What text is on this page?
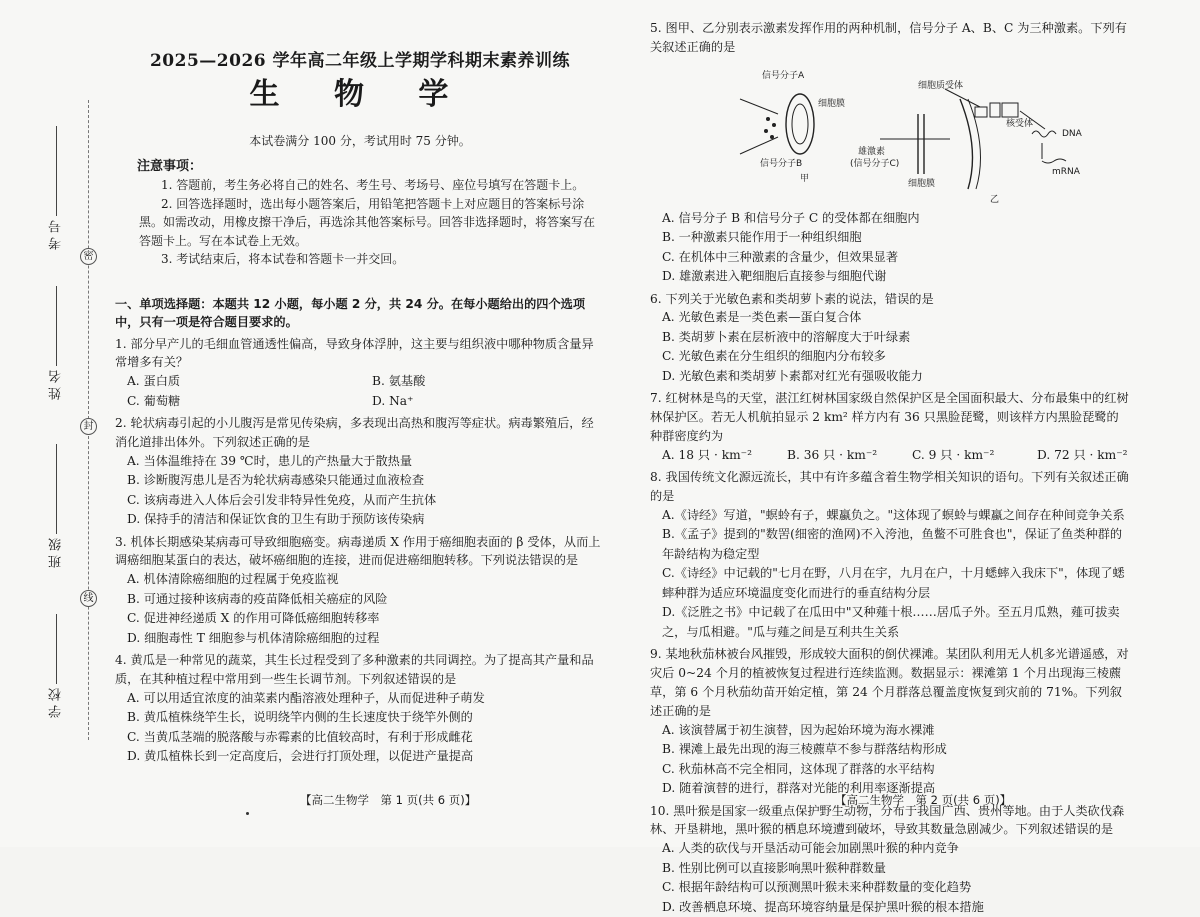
密
封
线
考号
姓名
班级
学校
2025—2026 学年高二年级上学期学科期末素养训练
生 物 学
本试卷满分 100 分，考试用时 75 分钟。
注意事项：
1. 答题前，考生务必将自己的姓名、考生号、考场号、座位号填写在答题卡上。
2. 回答选择题时，选出每小题答案后，用铅笔把答题卡上对应题目的答案标号涂黑。如需改动，用橡皮擦干净后，再选涂其他答案标号。回答非选择题时，将答案写在答题卡上。写在本试卷上无效。
3. 考试结束后，将本试卷和答题卡一并交回。
一、单项选择题：本题共 12 小题，每小题 2 分，共 24 分。在每小题给出的四个选项中，只有一项是符合题目要求的。
1. 部分早产儿的毛细血管通透性偏高，导致身体浮肿，这主要与组织液中哪种物质含量异常增多有关？
A. 蛋白质	B. 氨基酸
C. 葡萄糖	D. Na⁺
2. 轮状病毒引起的小儿腹泻是常见传染病，多表现出高热和腹泻等症状。病毒繁殖后，经消化道排出体外。下列叙述正确的是
A. 当体温维持在 39 ℃时，患儿的产热量大于散热量
B. 诊断腹泻患儿是否为轮状病毒感染只能通过血液检查
C. 该病毒进入人体后会引发非特异性免疫，从而产生抗体
D. 保持手的清洁和保证饮食的卫生有助于预防该传染病
3. 机体长期感染某病毒可导致细胞癌变。病毒递质 X 作用于癌细胞表面的 β 受体，从而上调癌细胞某蛋白的表达，破坏癌细胞的连接，进而促进癌细胞转移。下列说法错误的是
A. 机体清除癌细胞的过程属于免疫监视
B. 可通过接种该病毒的疫苗降低相关癌症的风险
C. 促进神经递质 X 的作用可降低癌细胞转移率
D. 细胞毒性 T 细胞参与机体清除癌细胞的过程
4. 黄瓜是一种常见的蔬菜，其生长过程受到了多种激素的共同调控。为了提高其产量和品质，在其种植过程中常用到一些生长调节剂。下列叙述错误的是
A. 可以用适宜浓度的油菜素内酯溶液处理种子，从而促进种子萌发
B. 黄瓜植株绕竿生长，说明绕竿内侧的生长速度快于绕竿外侧的
C. 当黄瓜茎端的脱落酸与赤霉素的比值较高时，有利于形成雌花
D. 黄瓜植株长到一定高度后，会进行打顶处理，以促进产量提高
5. 图甲、乙分别表示激素发挥作用的两种机制，信号分子 A、B、C 为三种激素。下列有关叙述正确的是
信号分子A
细胞膜
信号分子B
甲
细胞质受体
核受体
DNA
mRNA
雄激素
(信号分子C)
细胞膜
乙
A. 信号分子 B 和信号分子 C 的受体都在细胞内
B. 一种激素只能作用于一种组织细胞
C. 在机体中三种激素的含量少，但效果显著
D. 雄激素进入靶细胞后直接参与细胞代谢
6. 下列关于光敏色素和类胡萝卜素的说法，错误的是
A. 光敏色素是一类色素—蛋白复合体
B. 类胡萝卜素在层析液中的溶解度大于叶绿素
C. 光敏色素在分生组织的细胞内分布较多
D. 光敏色素和类胡萝卜素都对红光有强吸收能力
7. 红树林是鸟的天堂，湛江红树林国家级自然保护区是全国面积最大、分布最集中的红树林保护区。若无人机航拍显示 2 km² 样方内有 36 只黑脸琵鹭，则该样方内黑脸琵鹭的种群密度约为
A. 18 只 · km⁻²	B. 36 只 · km⁻²	C. 9 只 · km⁻²	D. 72 只 · km⁻²
8. 我国传统文化源远流长，其中有许多蕴含着生物学相关知识的语句。下列有关叙述正确的是
A.《诗经》写道，"螟蛉有子，蜾蠃负之。"这体现了螟蛉与蜾蠃之间存在种间竞争关系
B.《孟子》提到的"数罟(细密的渔网)不入洿池，鱼鳖不可胜食也"，保证了鱼类种群的年龄结构为稳定型
C.《诗经》中记载的"七月在野，八月在宇，九月在户，十月蟋蟀入我床下"，体现了蟋蟀种群为适应环境温度变化而进行的垂直结构分层
D.《泛胜之书》中记载了在瓜田中"又种薤十根……居瓜子外。至五月瓜熟，薤可拔卖之，与瓜相避。"瓜与薤之间是互利共生关系
9. 某地秋茄林被台风摧毁，形成较大面积的倒伏裸滩。某团队利用无人机多光谱遥感，对灾后 0~24 个月的植被恢复过程进行连续监测。数据显示：裸滩第 1 个月出现海三棱藨草，第 6 个月秋茄幼苗开始定植，第 24 个月群落总覆盖度恢复到灾前的 71%。下列叙述正确的是
A. 该演替属于初生演替，因为起始环境为海水裸滩
B. 裸滩上最先出现的海三棱藨草不参与群落结构形成
C. 秋茄林高不完全相同，这体现了群落的水平结构
D. 随着演替的进行，群落对光能的利用率逐渐提高
10. 黑叶猴是国家一级重点保护野生动物，分布于我国广西、贵州等地。由于人类砍伐森林、开垦耕地，黑叶猴的栖息环境遭到破坏，导致其数量急剧减少。下列叙述错误的是
A. 人类的砍伐与开垦活动可能会加剧黑叶猴的种内竞争
B. 性别比例可以直接影响黑叶猴种群数量
C. 根据年龄结构可以预测黑叶猴未来种群数量的变化趋势
D. 改善栖息环境、提高环境容纳量是保护黑叶猴的根本措施
【高二生物学　第 1 页(共 6 页)】	【高二生物学　第 2 页(共 6 页)】
